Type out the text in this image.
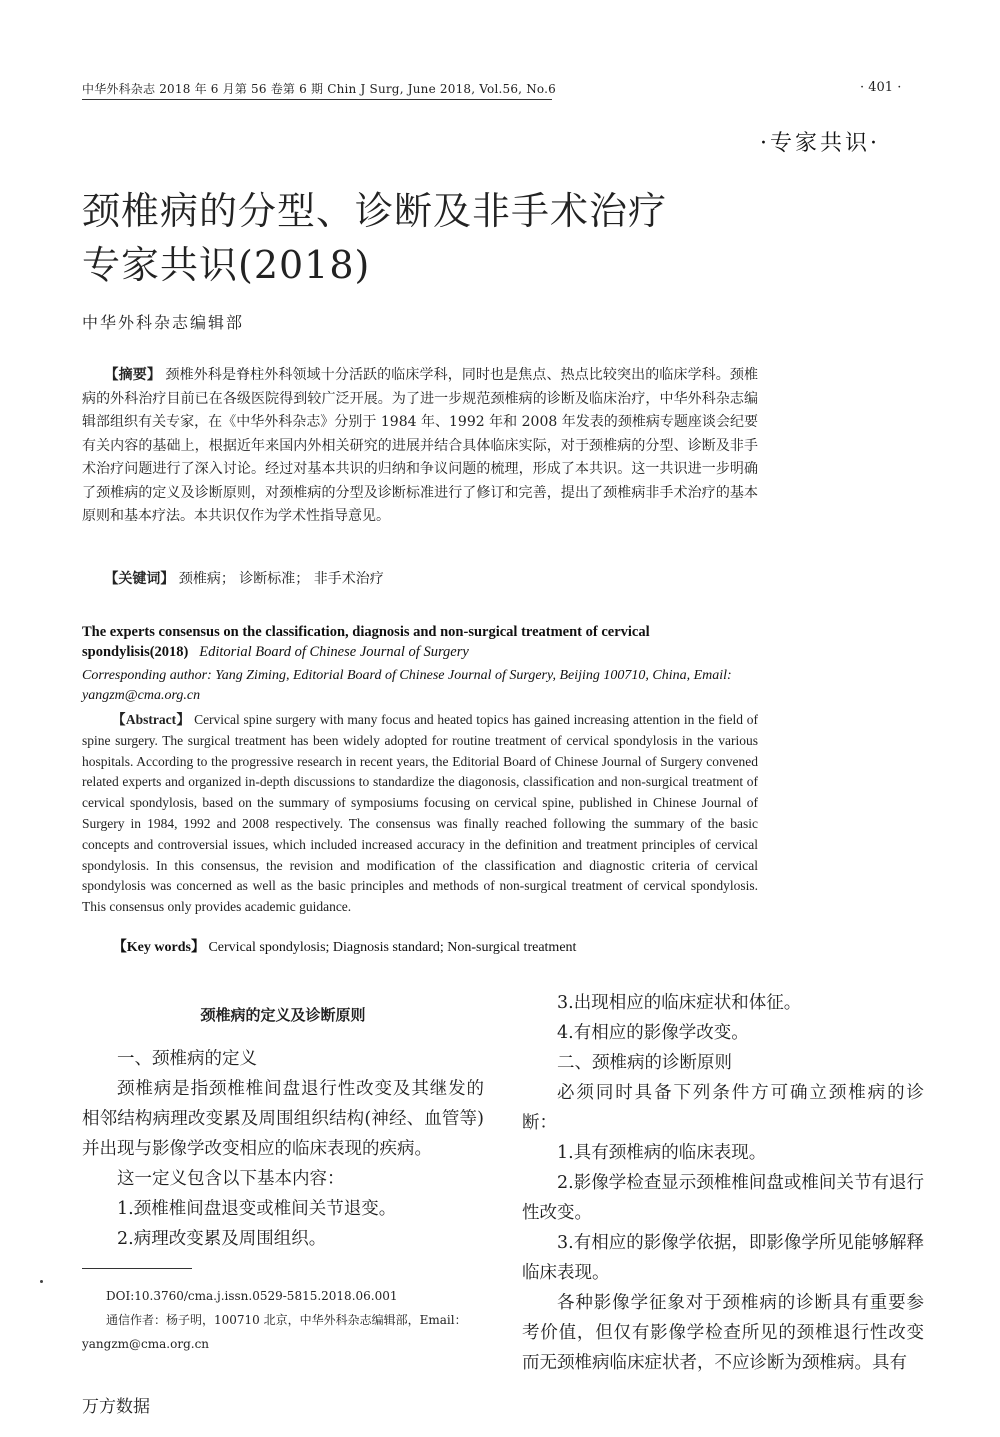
中华外科杂志 2018 年 6 月第 56 卷第 6 期 Chin J Surg, June 2018, Vol.56, No.6	· 401 ·
·专家共识·
颈椎病的分型、诊断及非手术治疗
专家共识(2018)
中华外科杂志编辑部
【摘要】 颈椎外科是脊柱外科领域十分活跃的临床学科，同时也是焦点、热点比较突出的临床学科。颈椎病的外科治疗目前已在各级医院得到较广泛开展。为了进一步规范颈椎病的诊断及临床治疗，中华外科杂志编辑部组织有关专家，在《中华外科杂志》分别于 1984 年、1992 年和 2008 年发表的颈椎病专题座谈会纪要有关内容的基础上，根据近年来国内外相关研究的进展并结合具体临床实际，对于颈椎病的分型、诊断及非手术治疗问题进行了深入讨论。经过对基本共识的归纳和争议问题的梳理，形成了本共识。这一共识进一步明确了颈椎病的定义及诊断原则，对颈椎病的分型及诊断标准进行了修订和完善，提出了颈椎病非手术治疗的基本原则和基本疗法。本共识仅作为学术性指导意见。
【关键词】 颈椎病； 诊断标准； 非手术治疗
The experts consensus on the classification, diagnosis and non-surgical treatment of cervical spondylisis(2018) Editorial Board of Chinese Journal of Surgery
Corresponding author: Yang Ziming, Editorial Board of Chinese Journal of Surgery, Beijing 100710, China, Email: yangzm@cma.org.cn
【Abstract】 Cervical spine surgery with many focus and heated topics has gained increasing attention in the field of spine surgery. The surgical treatment has been widely adopted for routine treatment of cervical spondylosis in the various hospitals. According to the progressive research in recent years, the Editorial Board of Chinese Journal of Surgery convened related experts and organized in-depth discussions to standardize the diagonosis, classification and non-surgical treatment of cervical spondylosis, based on the summary of symposiums focusing on cervical spine, published in Chinese Journal of Surgery in 1984, 1992 and 2008 respectively. The consensus was finally reached following the summary of the basic concepts and controversial issues, which included increased accuracy in the definition and treatment principles of cervical spondylosis. In this consensus, the revision and modification of the classification and diagnostic criteria of cervical spondylosis was concerned as well as the basic principles and methods of non-surgical treatment of cervical spondylosis. This consensus only provides academic guidance.
【Key words】 Cervical spondylosis; Diagnosis standard; Non-surgical treatment

颈椎病的定义及诊断原则

一、颈椎病的定义

颈椎病是指颈椎椎间盘退行性改变及其继发的相邻结构病理改变累及周围组织结构(神经、血管等)并出现与影像学改变相应的临床表现的疾病。

这一定义包含以下基本内容：

1.颈椎椎间盘退变或椎间关节退变。

2.病理改变累及周围组织。

3.出现相应的临床症状和体征。

4.有相应的影像学改变。

二、颈椎病的诊断原则

必须同时具备下列条件方可确立颈椎病的诊断：

1.具有颈椎病的临床表现。

2.影像学检查显示颈椎椎间盘或椎间关节有退行性改变。

3.有相应的影像学依据，即影像学所见能够解释临床表现。

各种影像学征象对于颈椎病的诊断具有重要参考价值，但仅有影像学检查所见的颈椎退行性改变而无颈椎病临床症状者，不应诊断为颈椎病。具有

DOI:10.3760/cma.j.issn.0529-5815.2018.06.001
通信作者：杨子明，100710 北京，中华外科杂志编辑部，Email：yangzm@cma.org.cn
万方数据
